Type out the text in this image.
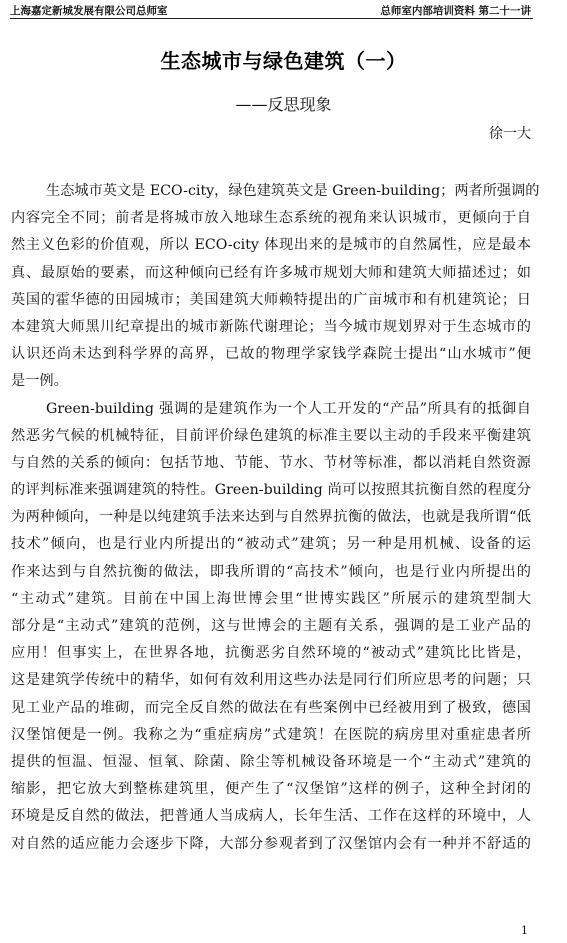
上海嘉定新城发展有限公司总师室	总师室内部培训资料 第二十一讲
生态城市与绿色建筑（一）
——反思现象
徐一大
生态城市英文是 ECO-city，绿色建筑英文是 Green-building；两者所强调的
内容完全不同；前者是将城市放入地球生态系统的视角来认识城市，更倾向于自
然主义色彩的价值观，所以 ECO-city 体现出来的是城市的自然属性，应是最本
真、最原始的要素，而这种倾向已经有许多城市规划大师和建筑大师描述过；如
英国的霍华德的田园城市；美国建筑大师赖特提出的广亩城市和有机建筑论；日
本建筑大师黑川纪章提出的城市新陈代谢理论；当今城市规划界对于生态城市的
认识还尚未达到科学界的高界，已故的物理学家钱学森院士提出“山水城市”便
是一例。
Green-building 强调的是建筑作为一个人工开发的“产品”所具有的抵御自
然恶劣气候的机械特征，目前评价绿色建筑的标准主要以主动的手段来平衡建筑
与自然的关系的倾向：包括节地、节能、节水、节材等标准，都以消耗自然资源
的评判标准来强调建筑的特性。Green-building 尚可以按照其抗衡自然的程度分
为两种倾向，一种是以纯建筑手法来达到与自然界抗衡的做法，也就是我所谓“低
技术”倾向，也是行业内所提出的“被动式”建筑；另一种是用机械、设备的运
作来达到与自然抗衡的做法，即我所谓的“高技术”倾向，也是行业内所提出的
“主动式”建筑。目前在中国上海世博会里“世博实践区”所展示的建筑型制大
部分是“主动式”建筑的范例，这与世博会的主题有关系，强调的是工业产品的
应用！但事实上，在世界各地，抗衡恶劣自然环境的“被动式”建筑比比皆是，
这是建筑学传统中的精华，如何有效利用这些办法是同行们所应思考的问题；只
见工业产品的堆砌，而完全反自然的做法在有些案例中已经被用到了极致，德国
汉堡馆便是一例。我称之为“重症病房”式建筑！在医院的病房里对重症患者所
提供的恒温、恒湿、恒氧、除菌、除尘等机械设备环境是一个“主动式”建筑的
缩影，把它放大到整栋建筑里，便产生了“汉堡馆”这样的例子，这种全封闭的
环境是反自然的做法，把普通人当成病人，长年生活、工作在这样的环境中，人
对自然的适应能力会逐步下降，大部分参观者到了汉堡馆内会有一种并不舒适的
1
